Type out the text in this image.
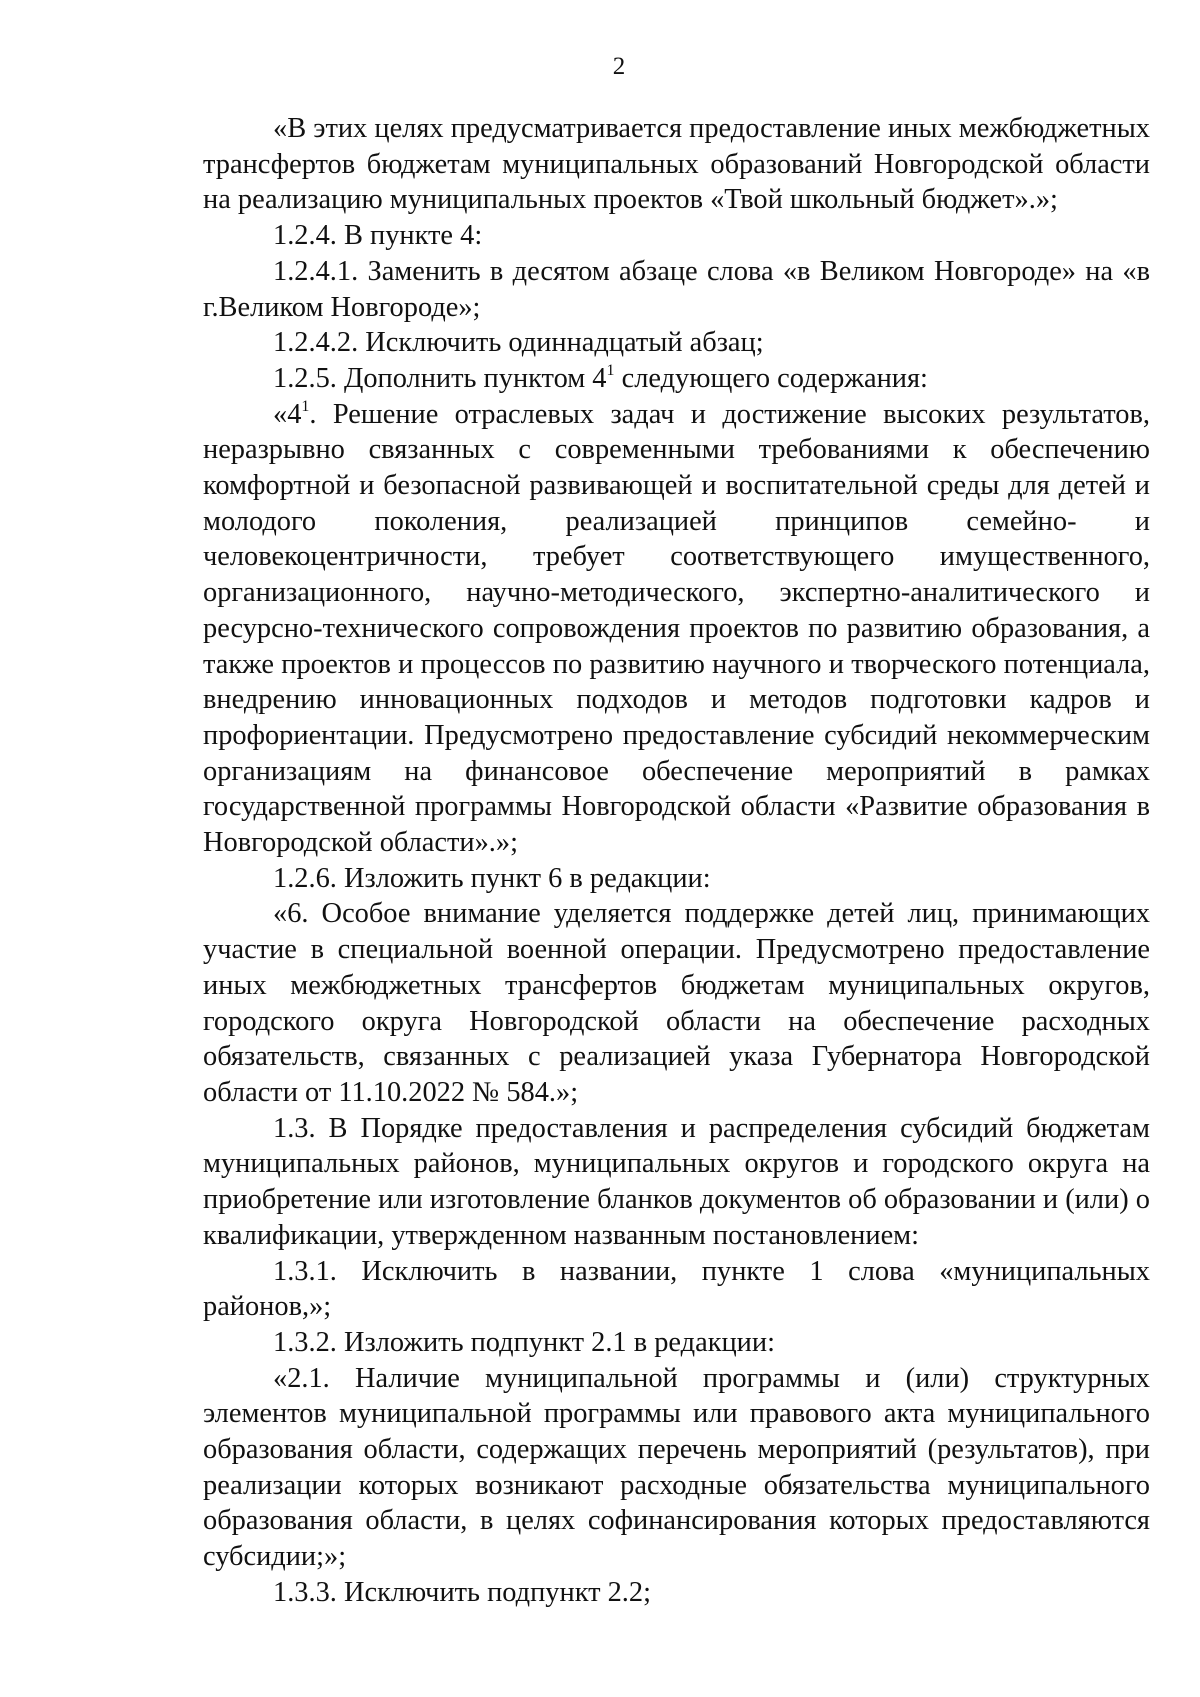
2

«В этих целях предусматривается предоставление иных межбюджетных трансфертов бюджетам муниципальных образований Новгородской области на реализацию муниципальных проектов «Твой школьный бюджет».»;

1.2.4. В пункте 4:

1.2.4.1. Заменить в десятом абзаце слова «в Великом Новгороде» на «в г.Великом Новгороде»;

1.2.4.2. Исключить одиннадцатый абзац;

1.2.5. Дополнить пунктом $4^1$ следующего содержания:

«$4^1$. Решение отраслевых задач и достижение высоких результатов, неразрывно связанных с современными требованиями к обеспечению комфортной и безопасной развивающей и воспитательной среды для детей и молодого поколения, реализацией принципов семейно- и человекоцентричности, требует соответствующего имущественного, организационного, научно-методического, экспертно-аналитического и ресурсно-технического сопровождения проектов по развитию образования, а также проектов и процессов по развитию научного и творческого потенциала, внедрению инновационных подходов и методов подготовки кадров и профориентации. Предусмотрено предоставление субсидий некоммерческим организациям на финансовое обеспечение мероприятий в рамках государственной программы Новгородской области «Развитие образования в Новгородской области».»;

1.2.6. Изложить пункт 6 в редакции:

«6. Особое внимание уделяется поддержке детей лиц, принимающих участие в специальной военной операции. Предусмотрено предоставление иных межбюджетных трансфертов бюджетам муниципальных округов, городского округа Новгородской области на обеспечение расходных обязательств, связанных с реализацией указа Губернатора Новгородской области от 11.10.2022 № 584.»;

1.3. В Порядке предоставления и распределения субсидий бюджетам муниципальных районов, муниципальных округов и городского округа на приобретение или изготовление бланков документов об образовании и (или) о квалификации, утвержденном названным постановлением:

1.3.1. Исключить в названии, пункте 1 слова «муниципальных районов,»;

1.3.2. Изложить подпункт 2.1 в редакции:

«2.1. Наличие муниципальной программы и (или) структурных элементов муниципальной программы или правового акта муниципального образования области, содержащих перечень мероприятий (результатов), при реализации которых возникают расходные обязательства муниципального образования области, в целях софинансирования которых предоставляются субсидии;»;

1.3.3. Исключить подпункт 2.2;
